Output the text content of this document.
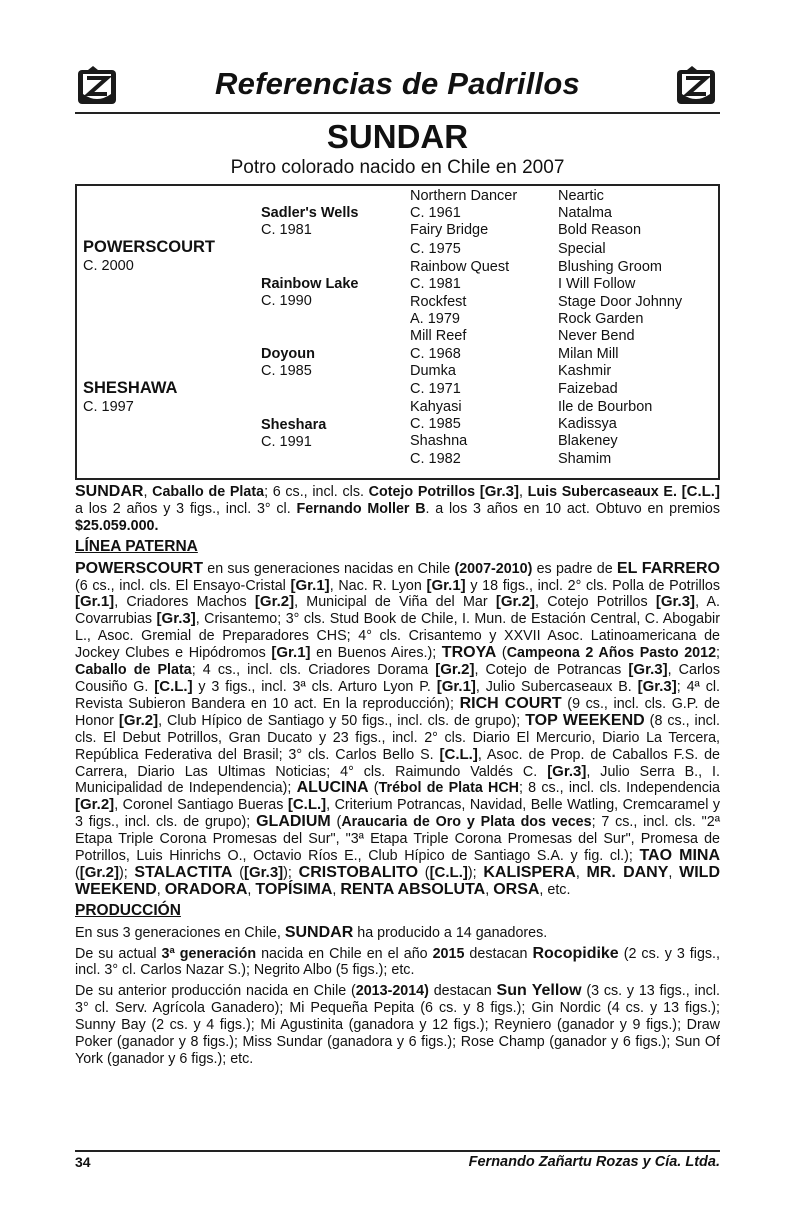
Referencias de Padrillos
SUNDAR
Potro colorado nacido en Chile en 2007
POWERSCOURT
C. 2000
SHESHAWA
C. 1997
Sadler's Wells
C. 1981
Rainbow Lake
C. 1990
Doyoun
C. 1985
Sheshara
C. 1991
Northern Dancer
C. 1961
Fairy Bridge
C. 1975
Rainbow Quest
C. 1981
Rockfest
A. 1979
Mill Reef
C. 1968
Dumka
C. 1971
Kahyasi
C. 1985
Shashna
C. 1982
Neartic
Natalma
Bold Reason
Special
Blushing Groom
I Will Follow
Stage Door Johnny
Rock Garden
Never Bend
Milan Mill
Kashmir
Faizebad
Ile de Bourbon
Kadissya
Blakeney
Shamim

SUNDAR, Caballo de Plata; 6 cs., incl. cls. Cotejo Potrillos [Gr.3], Luis Subercaseaux E. [C.L.] a los 2 años y 3 figs., incl. 3° cl. Fernando Moller B. a los 3 años en 10 act. Obtuvo en premios $25.059.000.

LÍNEA PATERNA

POWERSCOURT en sus generaciones nacidas en Chile (2007-2010) es padre de EL FARRERO (6 cs., incl. cls. El Ensayo-Cristal [Gr.1], Nac. R. Lyon [Gr.1] y 18 figs., incl. 2° cls. Polla de Potrillos [Gr.1], Criadores Machos [Gr.2], Municipal de Viña del Mar [Gr.2], Cotejo Potrillos [Gr.3], A. Covarrubias [Gr.3], Crisantemo; 3° cls. Stud Book de Chile, I. Mun. de Estación Central, C. Abogabir L., Asoc. Gremial de Preparadores CHS; 4° cls. Crisantemo y XXVII Asoc. Latinoamericana de Jockey Clubes e Hipódromos [Gr.1] en Buenos Aires.); TROYA (Campeona 2 Años Pasto 2012; Caballo de Plata; 4 cs., incl. cls. Criadores Dorama [Gr.2], Cotejo de Potrancas [Gr.3], Carlos Cousiño G. [C.L.] y 3 figs., incl. 3ª cls. Arturo Lyon P. [Gr.1], Julio Subercaseaux B. [Gr.3]; 4ª cl. Revista Subieron Bandera en 10 act. En la reproducción); RICH COURT (9 cs., incl. cls. G.P. de Honor [Gr.2], Club Hípico de Santiago y 50 figs., incl. cls. de grupo); TOP WEEKEND (8 cs., incl. cls. El Debut Potrillos, Gran Ducato y 23 figs., incl. 2° cls. Diario El Mercurio, Diario La Tercera, República Federativa del Brasil; 3° cls. Carlos Bello S. [C.L.], Asoc. de Prop. de Caballos F.S. de Carrera, Diario Las Ultimas Noticias; 4° cls. Raimundo Valdés C. [Gr.3], Julio Serra B., I. Municipalidad de Independencia); ALUCINA (Trébol de Plata HCH; 8 cs., incl. cls. Independencia [Gr.2], Coronel Santiago Bueras [C.L.], Criterium Potrancas, Navidad, Belle Watling, Cremcaramel y 3 figs., incl. cls. de grupo); GLADIUM (Araucaria de Oro y Plata dos veces; 7 cs., incl. cls. "2ª Etapa Triple Corona Promesas del Sur", "3ª Etapa Triple Corona Promesas del Sur", Promesa de Potrillos, Luis Hinrichs O., Octavio Ríos E., Club Hípico de Santiago S.A. y fig. cl.); TAO MINA ([Gr.2]); STALACTITA ([Gr.3]); CRISTOBALITO ([C.L.]); KALISPERA, MR. DANY, WILD WEEKEND, ORADORA, TOPÍSIMA, RENTA ABSOLUTA, ORSA, etc.

PRODUCCIÓN

En sus 3 generaciones en Chile, SUNDAR ha producido a 14 ganadores.

De su actual 3ª generación nacida en Chile en el año 2015 destacan Rocopidike (2 cs. y 3 figs., incl. 3° cl. Carlos Nazar S.); Negrito Albo (5 figs.); etc.

De su anterior producción nacida en Chile (2013-2014) destacan Sun Yellow (3 cs. y 13 figs., incl. 3° cl. Serv. Agrícola Ganadero); Mi Pequeña Pepita (6 cs. y 8 figs.); Gin Nordic (4 cs. y 13 figs.); Sunny Bay (2 cs. y 4 figs.); Mi Agustinita (ganadora y 12 figs.); Reyniero (ganador y 9 figs.); Draw Poker (ganador y 8 figs.); Miss Sundar (ganadora y 6 figs.); Rose Champ (ganador y 6 figs.); Sun Of York (ganador y 6 figs.); etc.

34	Fernando Zañartu Rozas y Cía. Ltda.
